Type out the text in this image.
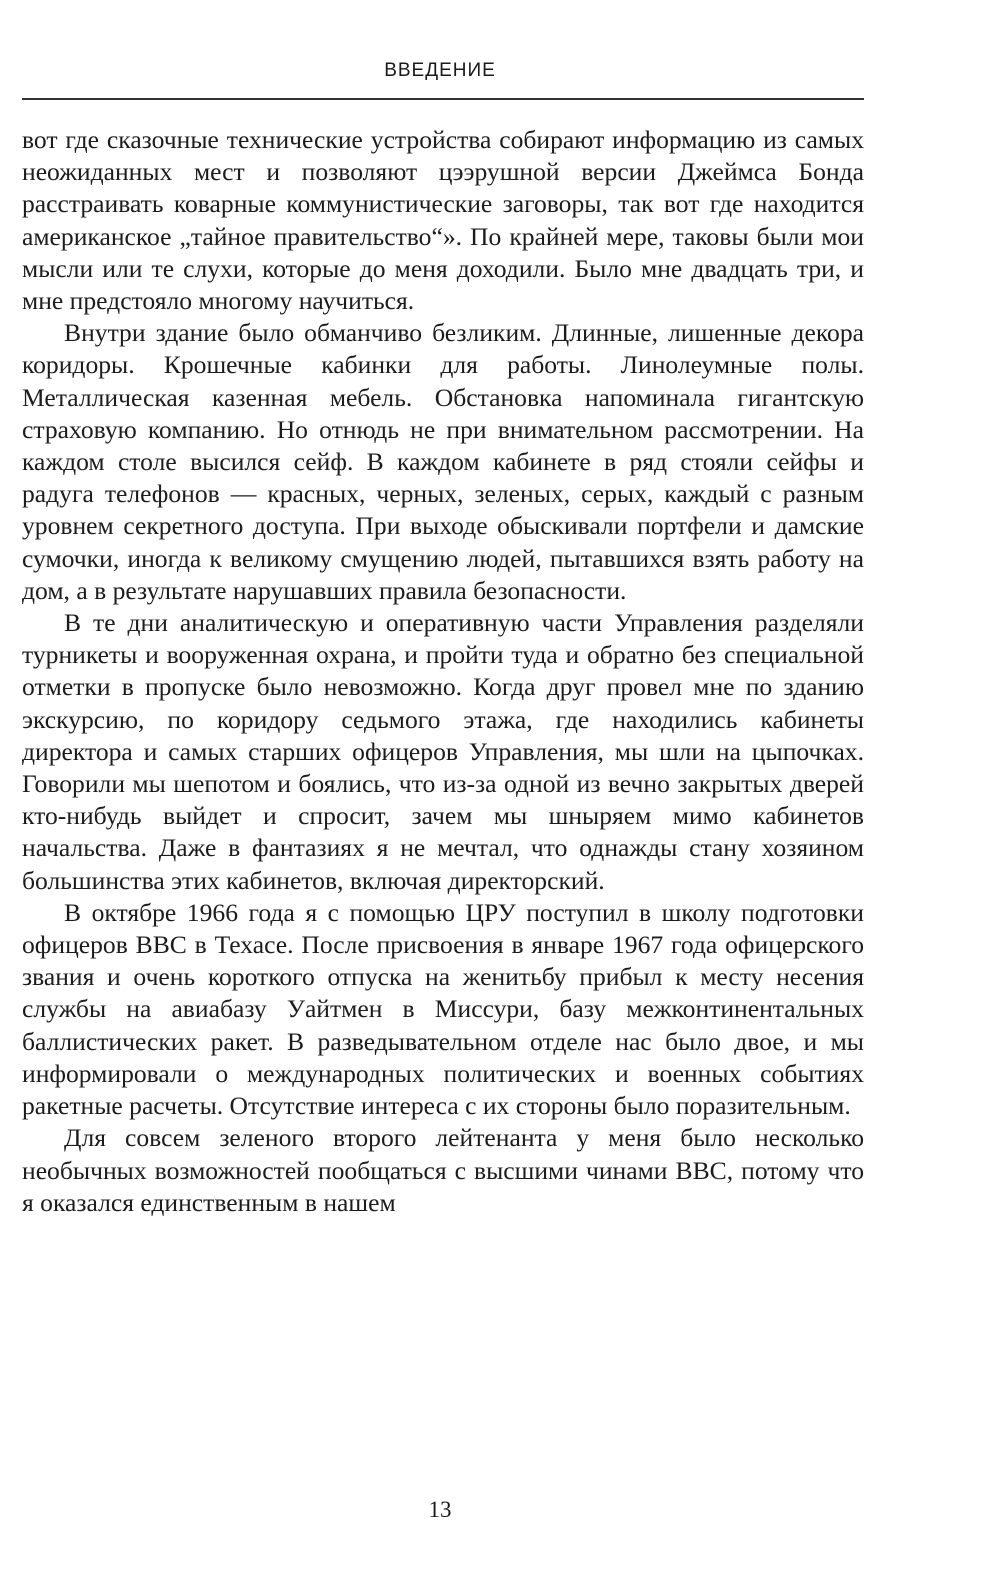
ВВЕДЕНИЕ

вот где сказочные технические устройства собирают информацию из самых неожиданных мест и позволяют цээрушной версии Джеймса Бонда расстраивать коварные коммунистические заговоры, так вот где находится американское „тайное правительство“». По крайней мере, таковы были мои мысли или те слухи, которые до меня доходили. Было мне двадцать три, и мне предстояло многому научиться.

Внутри здание было обманчиво безликим. Длинные, лишенные декора коридоры. Крошечные кабинки для работы. Линолеумные полы. Металлическая казенная мебель. Обстановка напоминала гигантскую страховую компанию. Но отнюдь не при внимательном рассмотрении. На каждом столе высился сейф. В каждом кабинете в ряд стояли сейфы и радуга телефонов — красных, черных, зеленых, серых, каждый с разным уровнем секретного доступа. При выходе обыскивали портфели и дамские сумочки, иногда к великому смущению людей, пытавшихся взять работу на дом, а в результате нарушавших правила безопасности.

В те дни аналитическую и оперативную части Управления разделяли турникеты и вооруженная охрана, и пройти туда и обратно без специальной отметки в пропуске было невозможно. Когда друг провел мне по зданию экскурсию, по коридору седьмого этажа, где находились кабинеты директора и самых старших офицеров Управления, мы шли на цыпочках. Говорили мы шепотом и боялись, что из-за одной из вечно закрытых дверей кто-нибудь выйдет и спросит, зачем мы шныряем мимо кабинетов начальства. Даже в фантазиях я не мечтал, что однажды стану хозяином большинства этих кабинетов, включая директорский.

В октябре 1966 года я с помощью ЦРУ поступил в школу подготовки офицеров ВВС в Техасе. После присвоения в январе 1967 года офицерского звания и очень короткого отпуска на женитьбу прибыл к месту несения службы на авиабазу Уайтмен в Миссури, базу межконтинентальных баллистических ракет. В разведывательном отделе нас было двое, и мы информировали о международных политических и военных событиях ракетные расчеты. Отсутствие интереса с их стороны было поразительным.

Для совсем зеленого второго лейтенанта у меня было несколько необычных возможностей пообщаться с высшими чинами ВВС, потому что я оказался единственным в нашем

13
